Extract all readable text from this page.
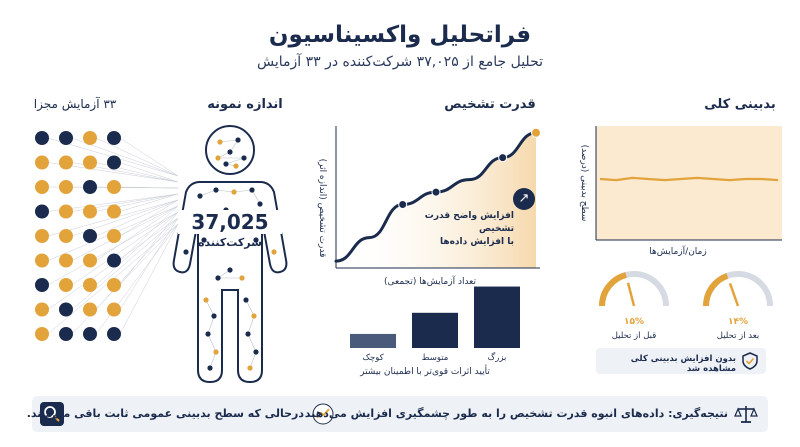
فراتحلیل واکسیناسیون
تحلیل جامع از ۳۷,۰۲۵ شرکت‌کننده در ۳۳ آزمایش
۳۳ آزمایش مجزا	اندازه نمونه	قدرت تشخیص	بدبینی کلی
37,025
شرکت‌کننده	قدرت تشخیص (اندازه اثر)
تعداد آزمایش‌ها (تجمعی)
تأیید اثرات قوی‌تر با اطمینان بیشتر
کوچک	متوسط	بزرگ
افزایش واضح قدرت تشخیص
با افزایش داده‌ها
↗	سطح بدبینی (درصد)
زمان/آزمایش‌ها
۱۴%
بعد از تحلیل
۱۵%
قبل از تحلیل
بدون افزایش بدبینی کلی مشاهده شد
درحالی که سطح بدبینی عمومی ثابت باقی می‌ماند. نتیجه‌گیری: داده‌های انبوه قدرت تشخیص را به طور چشمگیری افزایش می‌دهند
